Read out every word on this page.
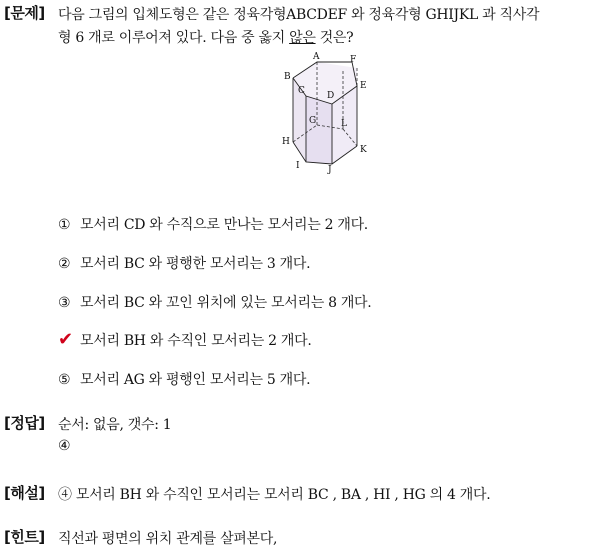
[문제] 다음 그림의 입체도형은 같은 정육각형ABCDEF 와 정육각형 GHIJKL 과 직사각
형 6 개로 이루어져 있다. 다음 중 옳지 않은 것은?
A	F
B
E
C D
G	L
H
K
I	J
① 모서리 CD 와 수직으로 만나는 모서리는 2 개다.
② 모서리 BC 와 평행한 모서리는 3 개다.
③ 모서리 BC 와 꼬인 위치에 있는 모서리는 8 개다.
✔ 모서리 BH 와 수직인 모서리는 2 개다.
⑤ 모서리 AG 와 평행인 모서리는 5 개다.
[정답] 순서: 없음, 갯수: 1
④
[해설] ④ 모서리 BH 와 수직인 모서리는 모서리 BC , BA , HI , HG 의 4 개다.
[힌트] 직선과 평면의 위치 관계를 살펴본다,
